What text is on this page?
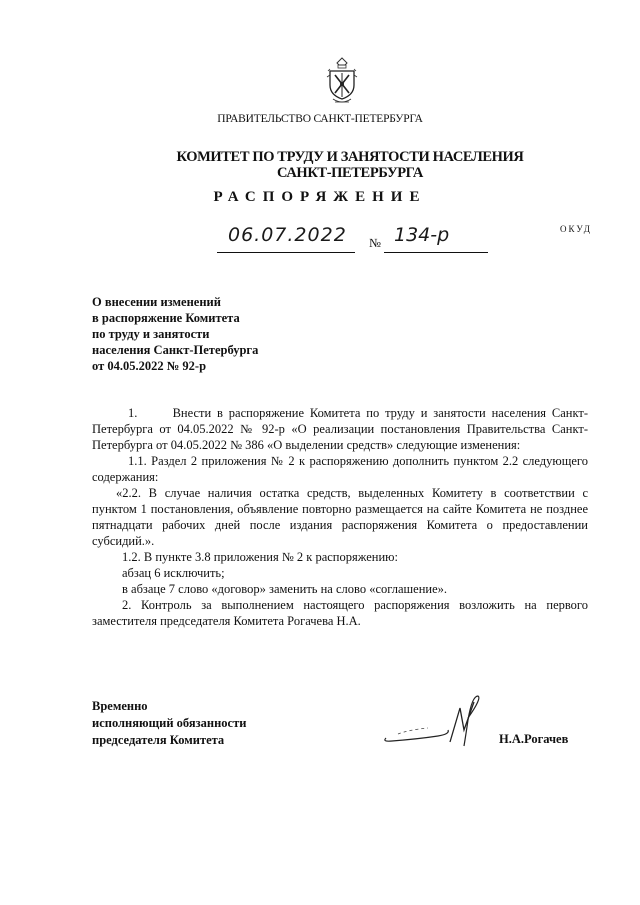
ПРАВИТЕЛЬСТВО САНКТ-ПЕТЕРБУРГА
КОМИТЕТ ПО ТРУДУ И ЗАНЯТОСТИ НАСЕЛЕНИЯ
САНКТ-ПЕТЕРБУРГА
РАСПОРЯЖЕНИЕ
ОКУД
06.07.2022 № 134-р
О внесении изменений
в распоряжение Комитета
по труду и занятости
населения Санкт-Петербурга
от 04.05.2022 № 92-р

1.      Внести в распоряжение Комитета по труду и занятости населения Санкт-Петербурга от 04.05.2022 № 92-р «О реализации постановления Правительства Санкт-Петербурга от 04.05.2022 № 386 «О выделении средств» следующие изменения:

1.1. Раздел 2 приложения № 2 к распоряжению дополнить пунктом 2.2 следующего содержания:

«2.2. В случае наличия остатка средств, выделенных Комитету в соответствии с пунктом 1 постановления, объявление повторно размещается на сайте Комитета не позднее пятнадцати рабочих дней после издания распоряжения Комитета о предоставлении субсидий.».

1.2. В пункте 3.8 приложения № 2 к распоряжению:

абзац 6 исключить;

в абзаце 7 слово «договор» заменить на слово «соглашение».

2. Контроль за выполнением настоящего распоряжения возложить на первого заместителя председателя Комитета Рогачева Н.А.

Временно
исполняющий обязанности
председателя Комитета	Н.А.Рогачев
